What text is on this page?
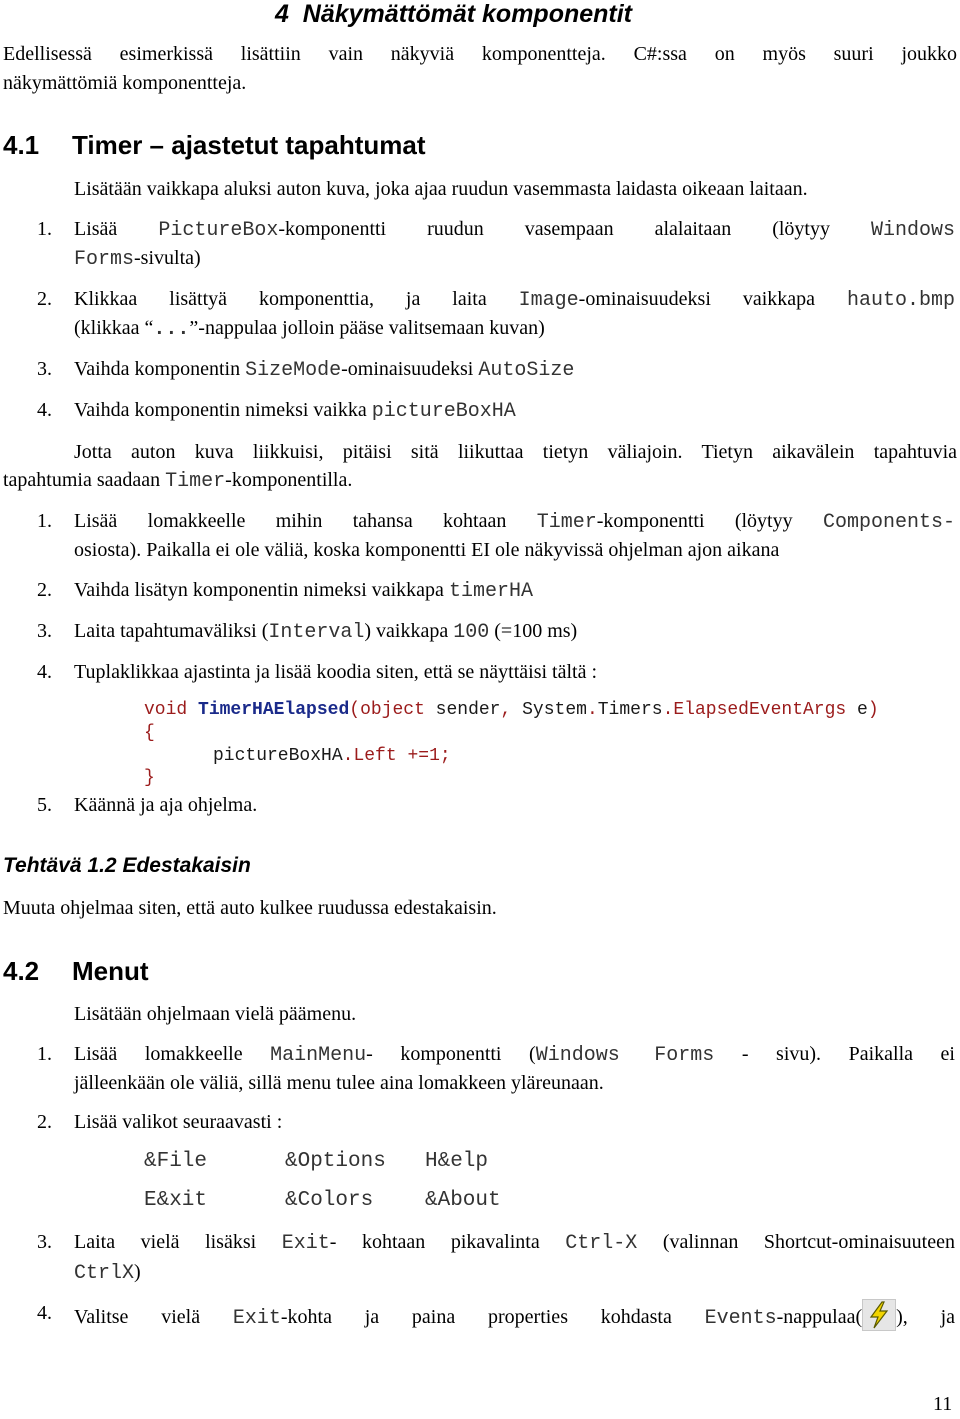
4  Näkymättömät komponentit
Edellisessä esimerkissä lisättiin vain näkyviä komponentteja. C#:ssa on myös suuri joukko
näkymättömiä komponentteja.
4.1 Timer – ajastetut tapahtumat
Lisätään vaikkapa aluksi auton kuva, joka ajaa ruudun vasemmasta laidasta oikeaan laitaan.
1. Lisää PictureBox-komponentti ruudun vasempaan alalaitaan (löytyy Windows
Forms-sivulta)
2. Klikkaa lisättyä komponenttia, ja laita Image-ominaisuudeksi vaikkapa hauto.bmp
(klikkaa “...”-nappulaa jolloin pääse valitsemaan kuvan)
3. Vaihda komponentin SizeMode-ominaisuudeksi AutoSize
4. Vaihda komponentin nimeksi vaikka pictureBoxHA
Jotta auton kuva liikkuisi, pitäisi sitä liikuttaa tietyn väliajoin. Tietyn aikavälein tapahtuvia
tapahtumia saadaan Timer-komponentilla.
1. Lisää lomakkeelle mihin tahansa kohtaan Timer-komponentti (löytyy Components-
osiosta). Paikalla ei ole väliä, koska komponentti EI ole näkyvissä ohjelman ajon aikana
2. Vaihda lisätyn komponentin nimeksi vaikkapa timerHA
3. Laita tapahtumaväliksi (Interval) vaikkapa 100 (=100 ms)
4. Tuplaklikkaa ajastinta ja lisää koodia siten, että se näyttäisi tältä :
void TimerHAElapsed(object sender, System.Timers.ElapsedEventArgs e)
{
pictureBoxHA.Left +=1;
}
5. Käännä ja aja ohjelma.
Tehtävä 1.2 Edestakaisin
Muuta ohjelmaa siten, että auto kulkee ruudussa edestakaisin.
4.2 Menut
Lisätään ohjelmaan vielä päämenu.
1. Lisää lomakkeelle MainMenu- komponentti (Windows Forms - sivu). Paikalla ei
jälleenkään ole väliä, sillä menu tulee aina lomakkeen yläreunaan.
2. Lisää valikot seuraavasti :
&File	&Options H&elp
E&xit	&Colors &About
3. Laita vielä lisäksi Exit- kohtaan pikavalinta Ctrl-X (valinnan Shortcut-ominaisuuteen
CtrlX)
4. Valitse vielä Exit-kohta ja paina properties kohdasta Events-nappulaa( ), ja
11
